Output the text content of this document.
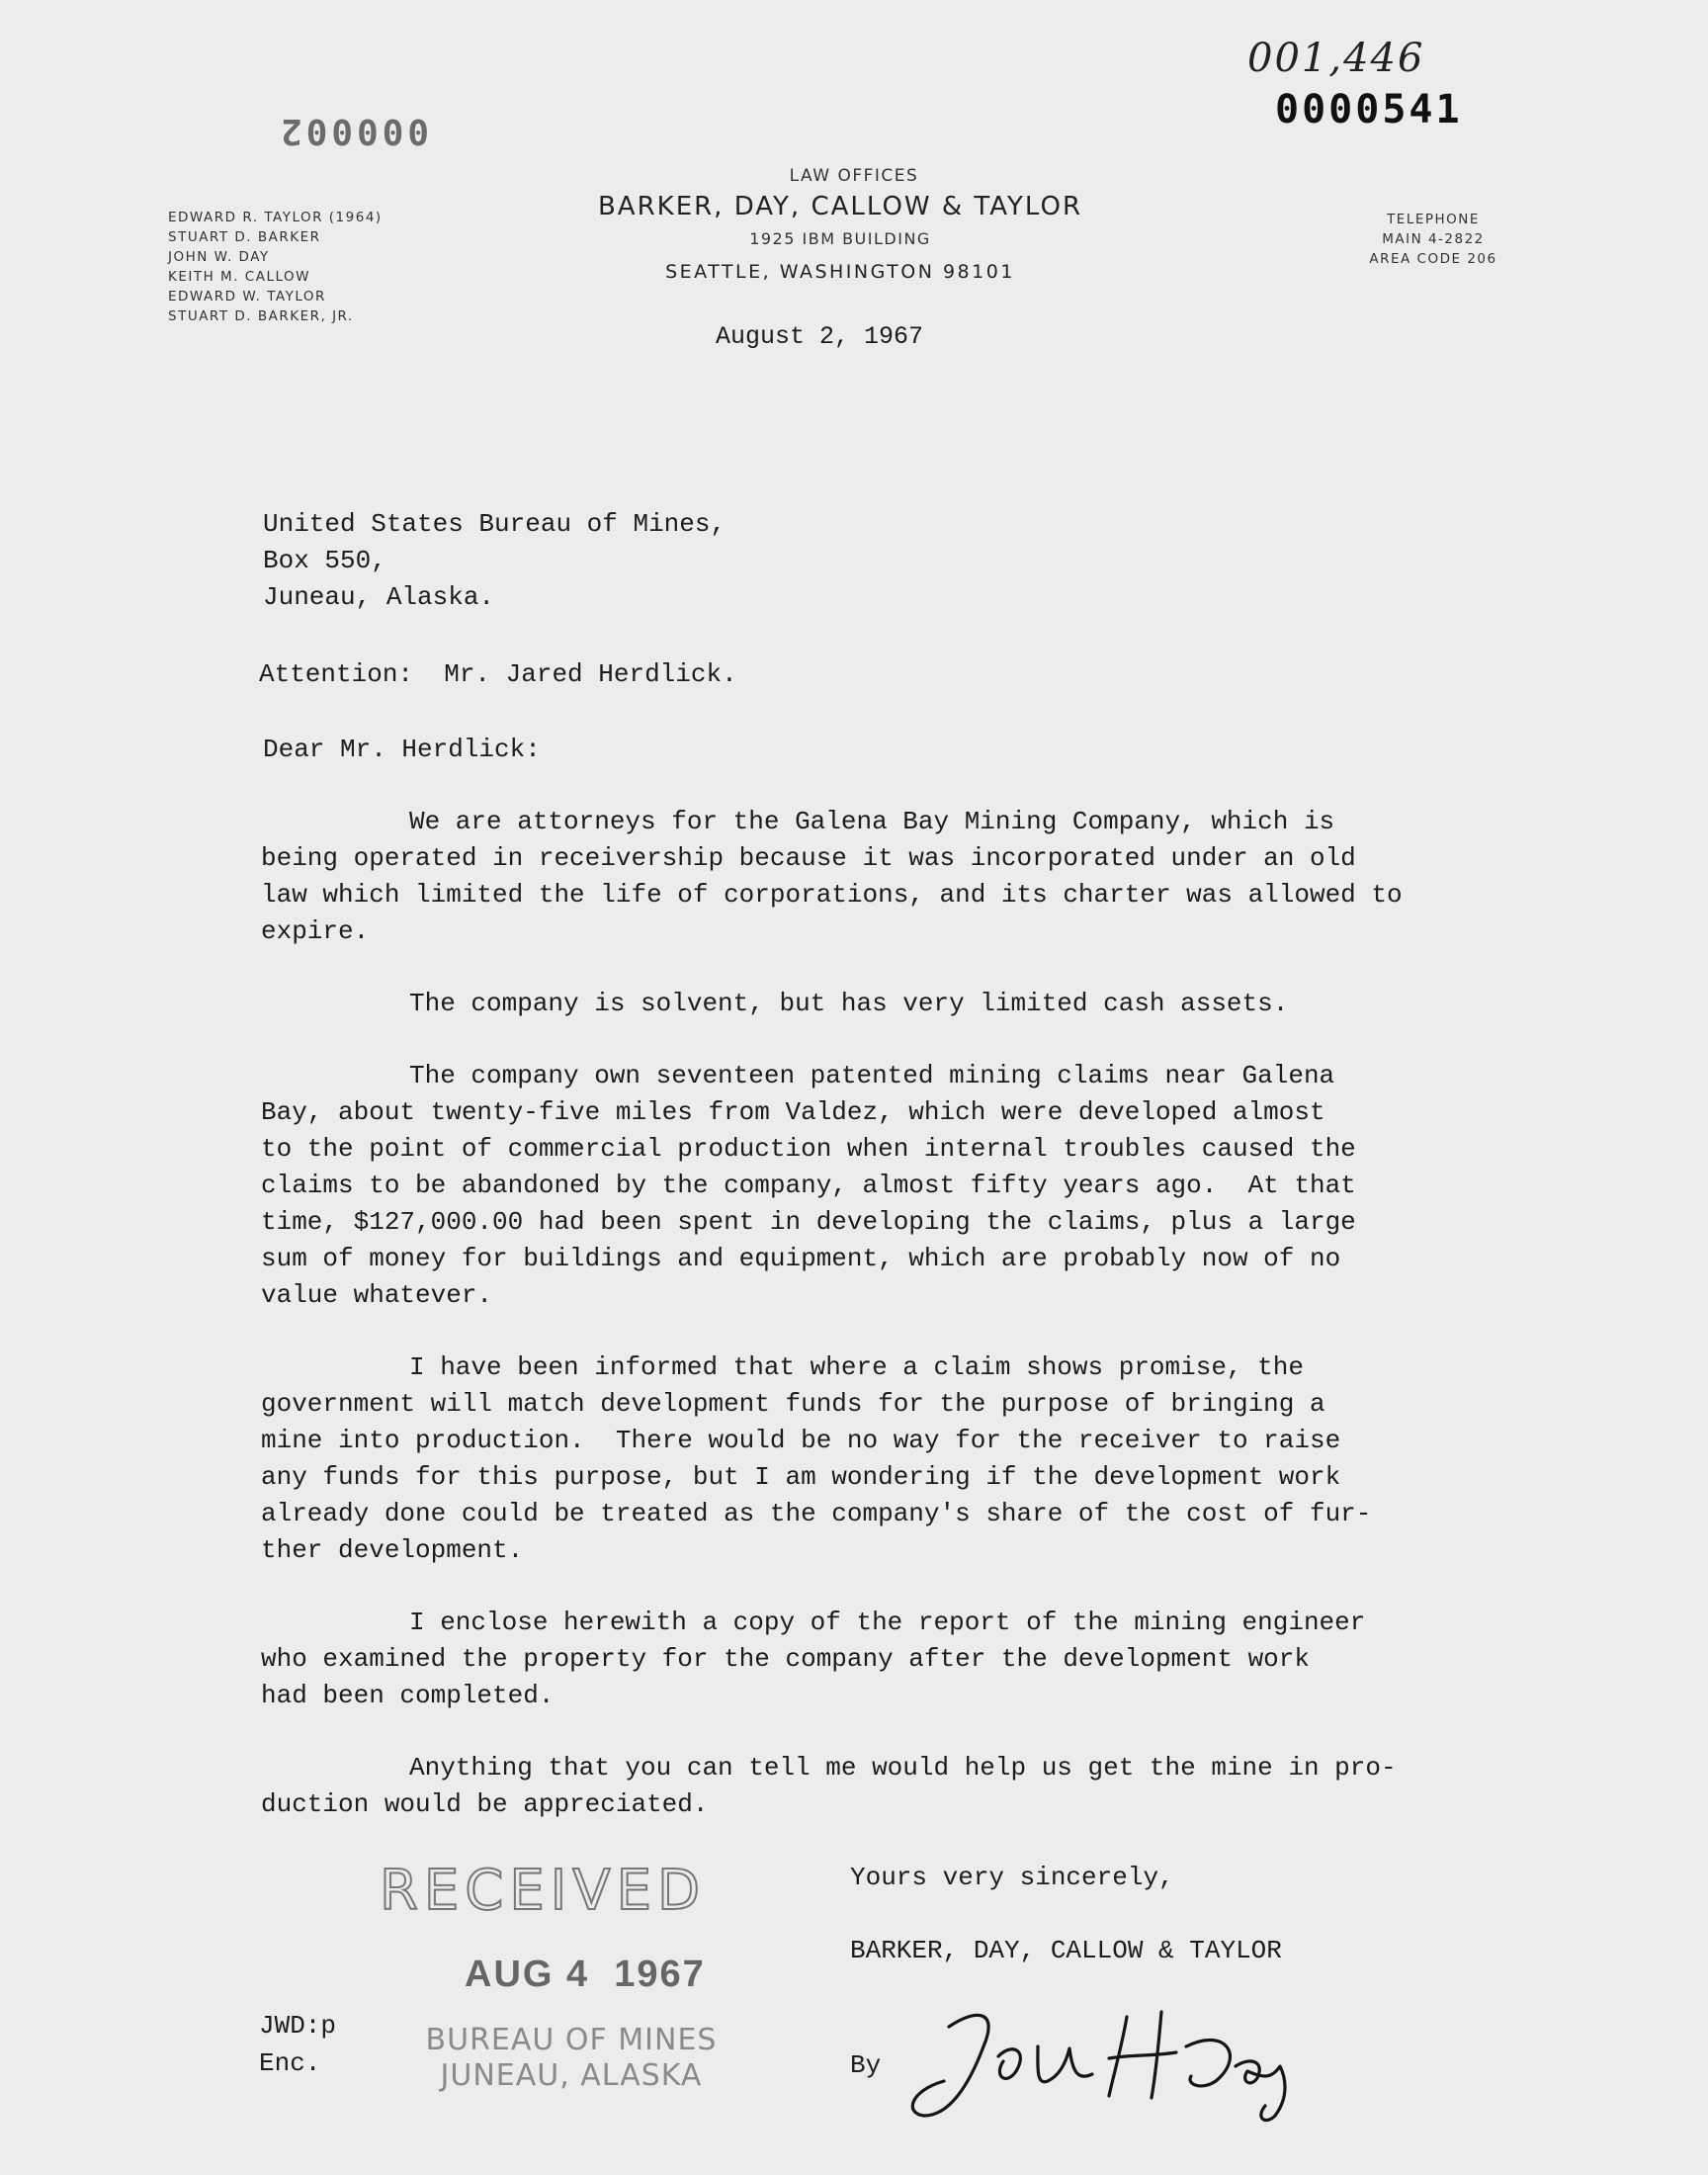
001,446
0000541
000002
LAW OFFICES
BARKER, DAY, CALLOW & TAYLOR
1925 IBM BUILDING
SEATTLE, WASHINGTON 98101
EDWARD R. TAYLOR (1964)
STUART D. BARKER
JOHN W. DAY
KEITH M. CALLOW
EDWARD W. TAYLOR
STUART D. BARKER, JR.
TELEPHONE
MAIN 4-2822
AREA CODE 206
August 2, 1967
United States Bureau of Mines,
Box 550,
Juneau, Alaska.
Attention:  Mr. Jared Herdlick.
Dear Mr. Herdlick:
We are attorneys for the Galena Bay Mining Company, which is
being operated in receivership because it was incorporated under an old
law which limited the life of corporations, and its charter was allowed to
expire.
The company is solvent, but has very limited cash assets.
The company own seventeen patented mining claims near Galena
Bay, about twenty-five miles from Valdez, which were developed almost
to the point of commercial production when internal troubles caused the
claims to be abandoned by the company, almost fifty years ago.  At that
time, $127,000.00 had been spent in developing the claims, plus a large
sum of money for buildings and equipment, which are probably now of no
value whatever.
I have been informed that where a claim shows promise, the
government will match development funds for the purpose of bringing a
mine into production.  There would be no way for the receiver to raise
any funds for this purpose, but I am wondering if the development work
already done could be treated as the company's share of the cost of fur-
ther development.
I enclose herewith a copy of the report of the mining engineer
who examined the property for the company after the development work
had been completed.
Anything that you can tell me would help us get the mine in pro-
duction would be appreciated.
RECEIVED
AUG 4  1967
BUREAU OF MINES
JUNEAU, ALASKA
Yours very sincerely,
BARKER, DAY, CALLOW & TAYLOR
By
JWD:p
Enc.
